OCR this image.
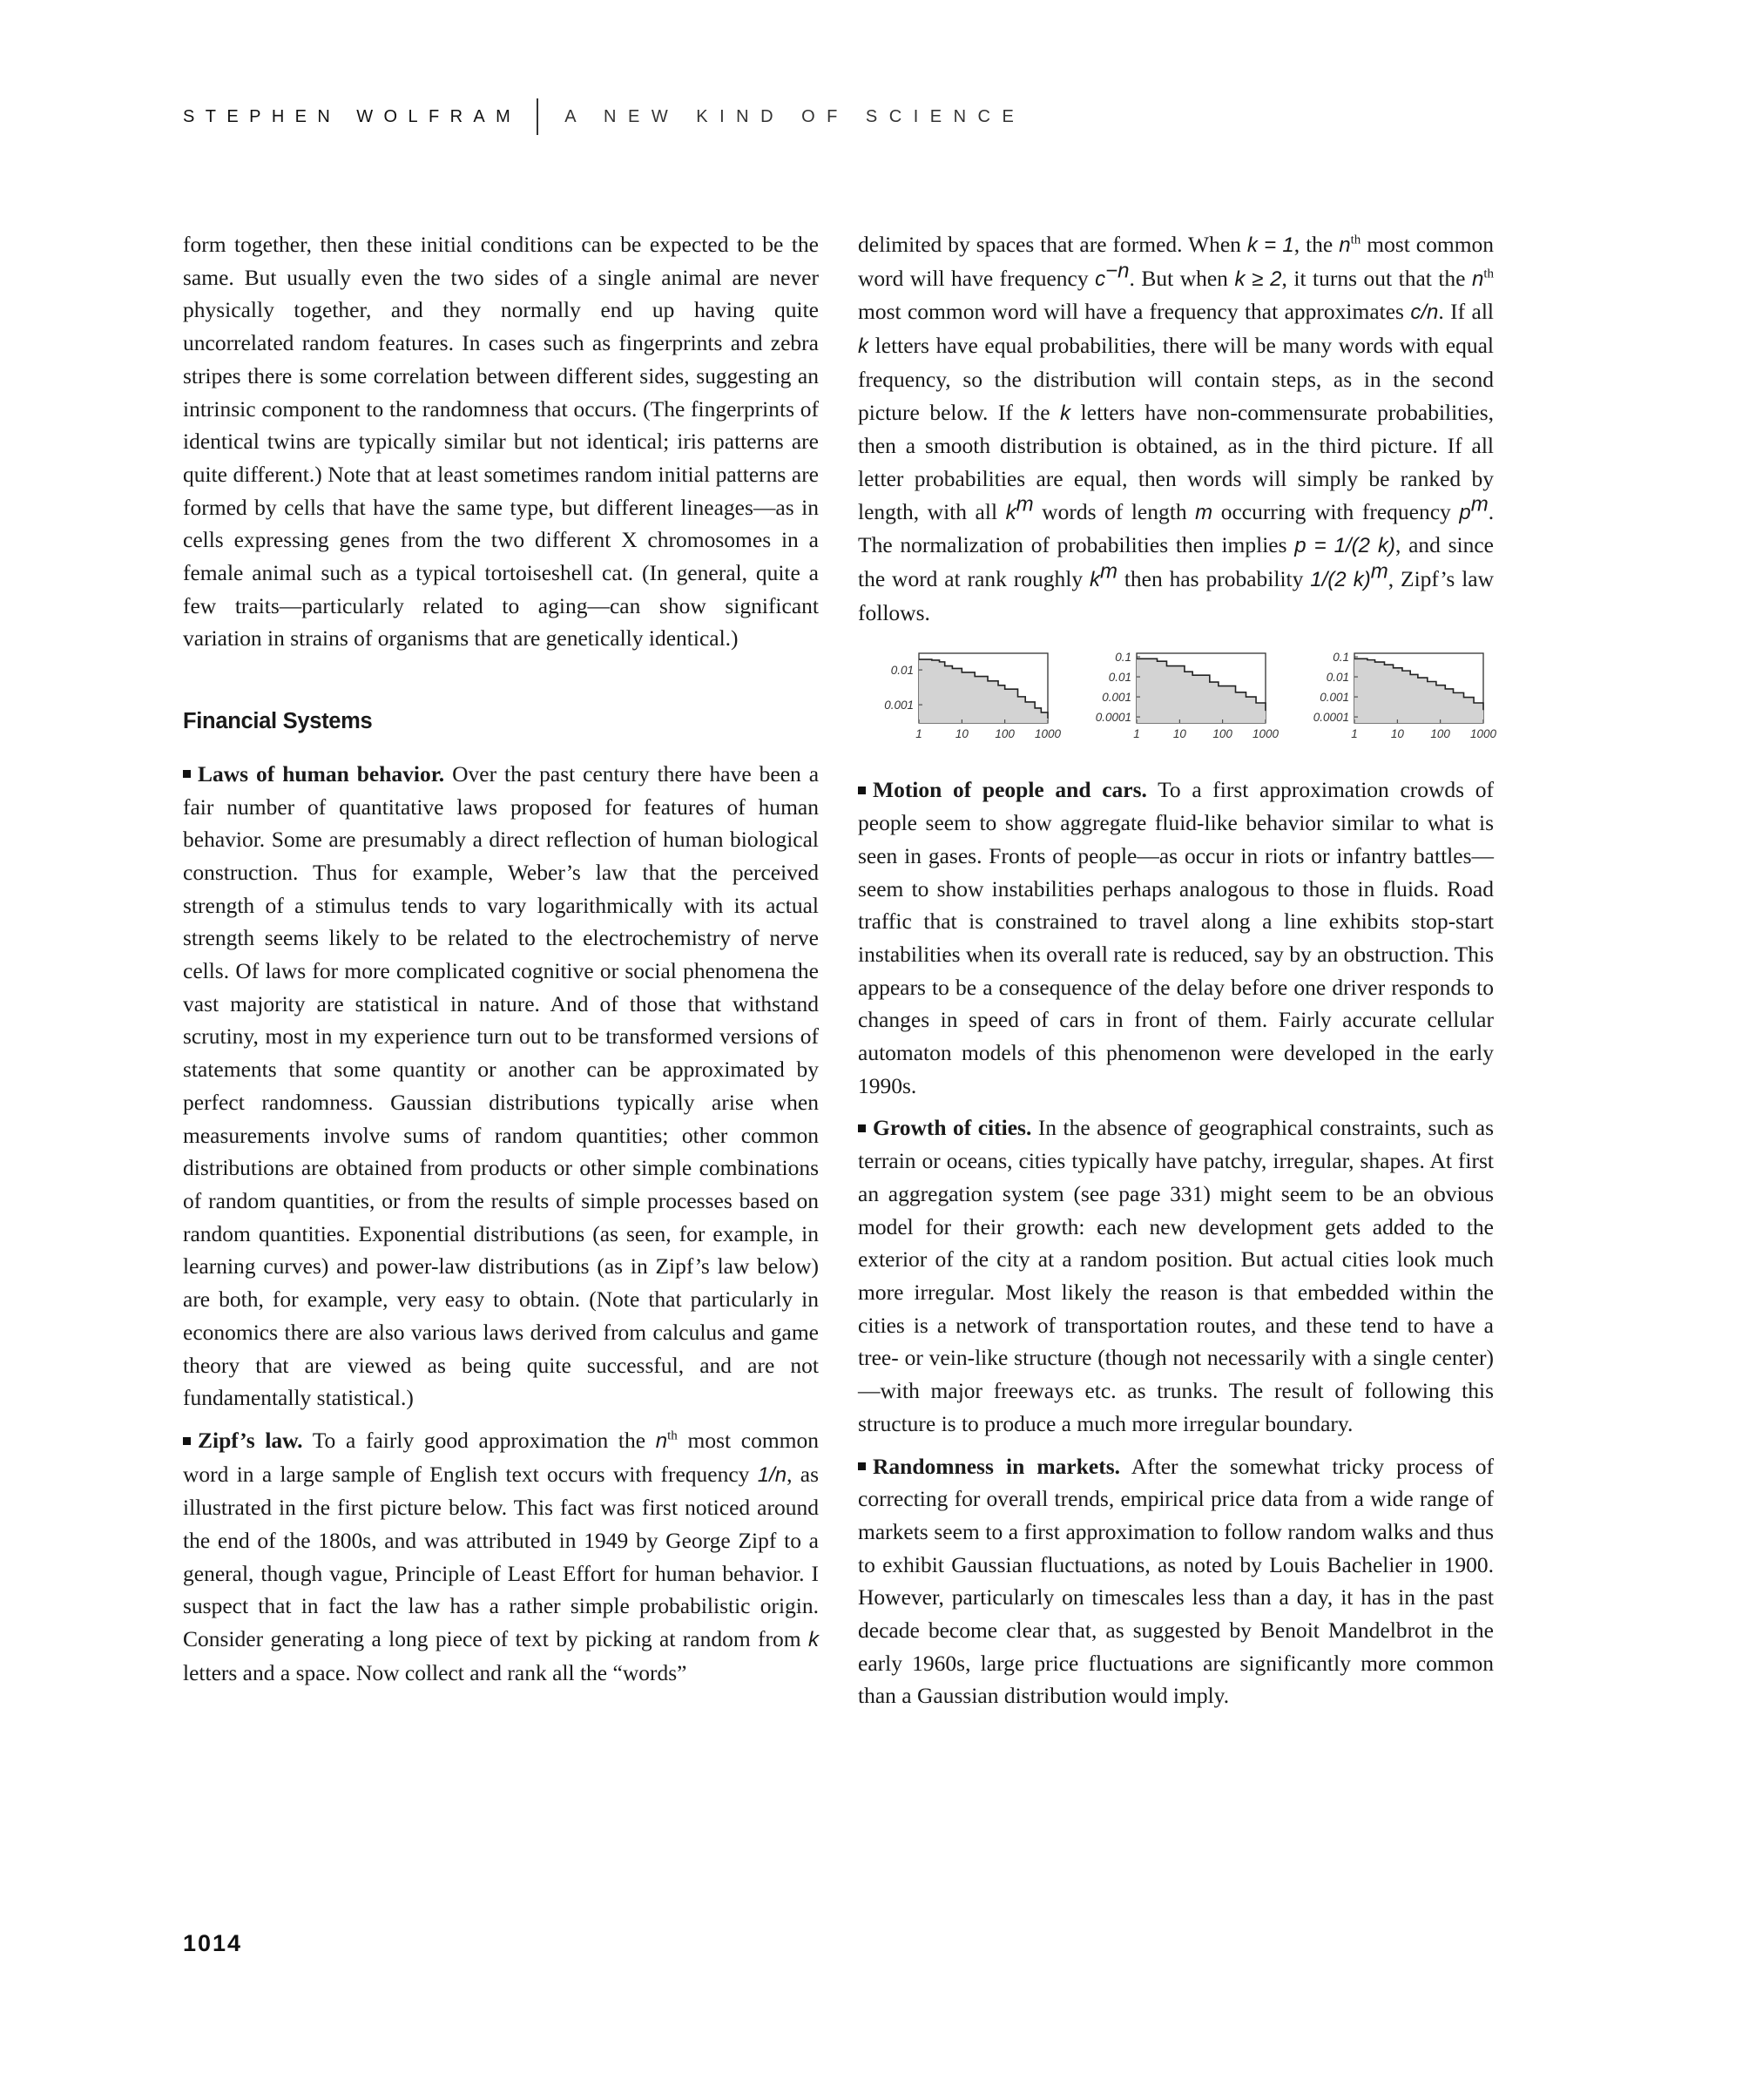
STEPHEN WOLFRAM	A NEW KIND OF SCIENCE

form together, then these initial conditions can be expected to be the same. But usually even the two sides of a single animal are never physically together, and they normally end up having quite uncorrelated random features. In cases such as fingerprints and zebra stripes there is some correlation between different sides, suggesting an intrinsic component to the randomness that occurs. (The fingerprints of identical twins are typically similar but not identical; iris patterns are quite different.) Note that at least sometimes random initial patterns are formed by cells that have the same type, but different lineages—as in cells expressing genes from the two different X chromosomes in a female animal such as a typical tortoiseshell cat. (In general, quite a few traits—particularly related to aging—can show significant variation in strains of organisms that are genetically identical.)

Financial Systems

Laws of human behavior. Over the past century there have been a fair number of quantitative laws proposed for features of human behavior. Some are presumably a direct reflection of human biological construction. Thus for example, Weber’s law that the perceived strength of a stimulus tends to vary logarithmically with its actual strength seems likely to be related to the electrochemistry of nerve cells. Of laws for more complicated cognitive or social phenomena the vast majority are statistical in nature. And of those that withstand scrutiny, most in my experience turn out to be transformed versions of statements that some quantity or another can be approximated by perfect randomness. Gaussian distributions typically arise when measurements involve sums of random quantities; other common distributions are obtained from products or other simple combinations of random quantities, or from the results of simple processes based on random quantities. Exponential distributions (as seen, for example, in learning curves) and power-law distributions (as in Zipf’s law below) are both, for example, very easy to obtain. (Note that particularly in economics there are also various laws derived from calculus and game theory that are viewed as being quite successful, and are not fundamentally statistical.)

Zipf’s law. To a fairly good approximation the $n^{th}$ most common word in a large sample of English text occurs with frequency 1/n, as illustrated in the first picture below. This fact was first noticed around the end of the 1800s, and was attributed in 1949 by George Zipf to a general, though vague, Principle of Least Effort for human behavior. I suspect that in fact the law has a rather simple probabilistic origin. Consider generating a long piece of text by picking at random from k letters and a space. Now collect and rank all the “words”

delimited by spaces that are formed. When k = 1, the $n^{th}$ most common word will have frequency $c^{-n}$. But when k ≥ 2, it turns out that the $n^{th}$ most common word will have a frequency that approximates c/n. If all k letters have equal probabilities, there will be many words with equal frequency, so the distribution will contain steps, as in the second picture below. If the k letters have non-commensurate probabilities, then a smooth distribution is obtained, as in the third picture. If all letter probabilities are equal, then words will simply be ranked by length, with all $k^m$ words of length m occurring with frequency $p^m$. The normalization of probabilities then implies p = 1/(2 k), and since the word at rank roughly $k^m$ then has probability 1/(2 k)$^m$, Zipf’s law follows.

1	10 100 1000
0.01
0.001
1	10 100 1000
0.1
0.01
0.001
0.0001
1	10 100 1000
0.1
0.01
0.001
0.0001

Motion of people and cars. To a first approximation crowds of people seem to show aggregate fluid-like behavior similar to what is seen in gases. Fronts of people—as occur in riots or infantry battles—seem to show instabilities perhaps analogous to those in fluids. Road traffic that is constrained to travel along a line exhibits stop-start instabilities when its overall rate is reduced, say by an obstruction. This appears to be a consequence of the delay before one driver responds to changes in speed of cars in front of them. Fairly accurate cellular automaton models of this phenomenon were developed in the early 1990s.

Growth of cities. In the absence of geographical constraints, such as terrain or oceans, cities typically have patchy, irregular, shapes. At first an aggregation system (see page 331) might seem to be an obvious model for their growth: each new development gets added to the exterior of the city at a random position. But actual cities look much more irregular. Most likely the reason is that embedded within the cities is a network of transportation routes, and these tend to have a tree- or vein-like structure (though not necessarily with a single center)—with major freeways etc. as trunks. The result of following this structure is to produce a much more irregular boundary.

Randomness in markets. After the somewhat tricky process of correcting for overall trends, empirical price data from a wide range of markets seem to a first approximation to follow random walks and thus to exhibit Gaussian fluctuations, as noted by Louis Bachelier in 1900. However, particularly on timescales less than a day, it has in the past decade become clear that, as suggested by Benoit Mandelbrot in the early 1960s, large price fluctuations are significantly more common than a Gaussian distribution would imply.

1014
